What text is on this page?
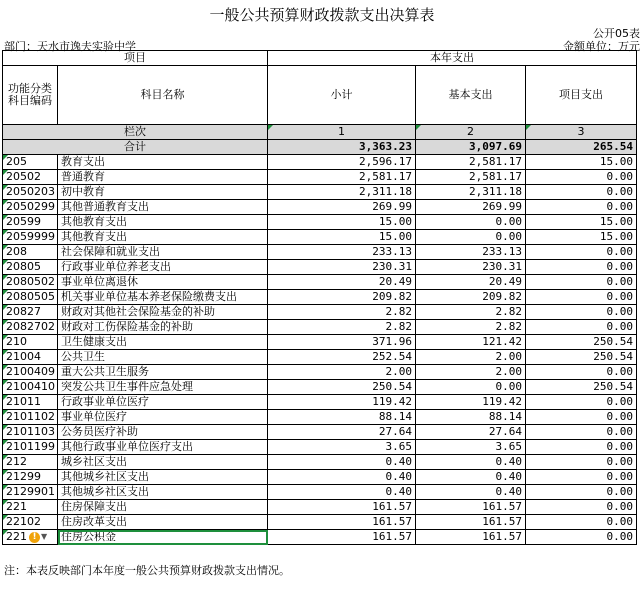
一般公共预算财政拨款支出决算表
公开05表
部门：天水市逸夫实验中学	金额单位：万元
项目		本年支出		
功能分类
科目编码	科目名称	小计	基本支出	项目支出
栏次		1	2	3
合计		3,363.23	3,097.69	265.54
205	教育支出	2,596.17	2,581.17	15.00
20502	普通教育	2,581.17	2,581.17	0.00
2050203	初中教育	2,311.18	2,311.18	0.00
2050299	其他普通教育支出	269.99	269.99	0.00
20599	其他教育支出	15.00	0.00	15.00
2059999	其他教育支出	15.00	0.00	15.00
208	社会保障和就业支出	233.13	233.13	0.00
20805	行政事业单位养老支出	230.31	230.31	0.00
2080502	事业单位离退休	20.49	20.49	0.00
2080505	机关事业单位基本养老保险缴费支出	209.82	209.82	0.00
20827	财政对其他社会保险基金的补助	2.82	2.82	0.00
2082702	财政对工伤保险基金的补助	2.82	2.82	0.00
210	卫生健康支出	371.96	121.42	250.54
21004	公共卫生	252.54	2.00	250.54
2100409	重大公共卫生服务	2.00	2.00	0.00
2100410	突发公共卫生事件应急处理	250.54	0.00	250.54
21011	行政事业单位医疗	119.42	119.42	0.00
2101102	事业单位医疗	88.14	88.14	0.00
2101103	公务员医疗补助	27.64	27.64	0.00
2101199	其他行政事业单位医疗支出	3.65	3.65	0.00
212	城乡社区支出	0.40	0.40	0.00
21299	其他城乡社区支出	0.40	0.40	0.00
2129901	其他城乡社区支出	0.40	0.40	0.00
221	住房保障支出	161.57	161.57	0.00
22102	住房改革支出	161.57	161.57	0.00
221 ! ▼	住房公积金	161.57	161.57	0.00
注：本表反映部门本年度一般公共预算财政拨款支出情况。
